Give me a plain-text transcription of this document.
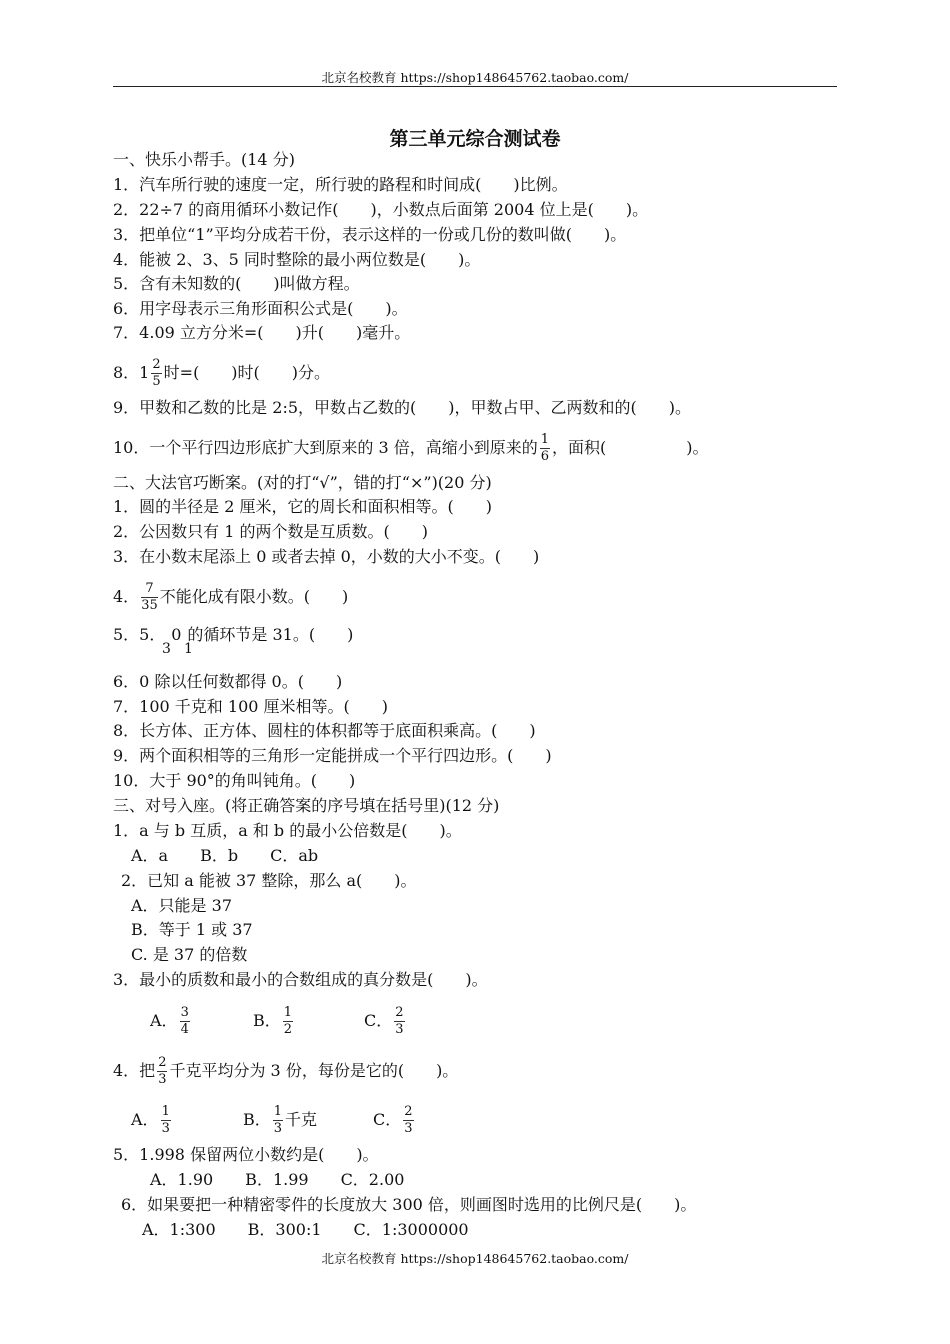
北京名校教育 https://shop148645762.taobao.com/
北京名校教育 https://shop148645762.taobao.com/
第三单元综合测试卷
一、快乐小帮手。(14 分)
1．汽车所行驶的速度一定，所行驶的路程和时间成(　　)比例。
2．22÷7 的商用循环小数记作(　　)，小数点后面第 2004 位上是(　　)。
3．把单位“1”平均分成若干份，表示这样的一份或几份的数叫做(　　)。
4．能被 2、3、5 同时整除的最小两位数是(　　)。
5．含有未知数的(　　)叫做方程。
6．用字母表示三角形面积公式是(　　)。
7．4.09 立方分米=(　　)升(　　)毫升。
8．$1 \frac{2}{5}$ 时=(　　)时(　　)分。
9．甲数和乙数的比是 2:5，甲数占乙数的(　　)，甲数占甲、乙两数和的(　　)。
10．一个平行四边形底扩大到原来的 3 倍，高缩小到原来的 $\frac{1}{6}$ ，面积(　　　　　)。
二、大法官巧断案。(对的打“√”，错的打“×”)(20 分)
1．圆的半径是 2 厘米，它的周长和面积相等。(　　)
2．公因数只有 1 的两个数是互质数。(　　)
3．在小数末尾添上 0 或者去掉 0，小数的大小不变。(　　)
4． $\frac{7}{35}$ 不能化成有限小数。(　　)
5．5． 0 的循环节是 31。(　　)
3 1
6．0 除以任何数都得 0。(　　)
7．100 千克和 100 厘米相等。(　　)
8．长方体、正方体、圆柱的体积都等于底面积乘高。(　　)
9．两个面积相等的三角形一定能拼成一个平行四边形。(　　)
10．大于 90°的角叫钝角。(　　)
三、对号入座。(将正确答案的序号填在括号里)(12 分)
1．a 与 b 互质，a 和 b 的最小公倍数是(　　)。
A．a　　B．b　　C．ab
2．已知 a 能被 37 整除，那么 a(　　)。
A．只能是 37
B．等于 1 或 37
C. 是 37 的倍数
3．最小的质数和最小的合数组成的真分数是(　　)。
A． $\frac{3}{4}$	B． $\frac{1}{2}$	C． $\frac{2}{3}$
4．把 $\frac{2}{3}$ 千克平均分为 3 份，每份是它的(　　)。
A． $\frac{1}{3}$	B． $\frac{1}{3}$ 千克	C． $\frac{2}{3}$
5．1.998 保留两位小数约是(　　)。
A．1.90　　B．1.99　　C．2.00
6．如果要把一种精密零件的长度放大 300 倍，则画图时选用的比例尺是(　　)。
A．1:300　　B．300:1　　C．1:3000000
